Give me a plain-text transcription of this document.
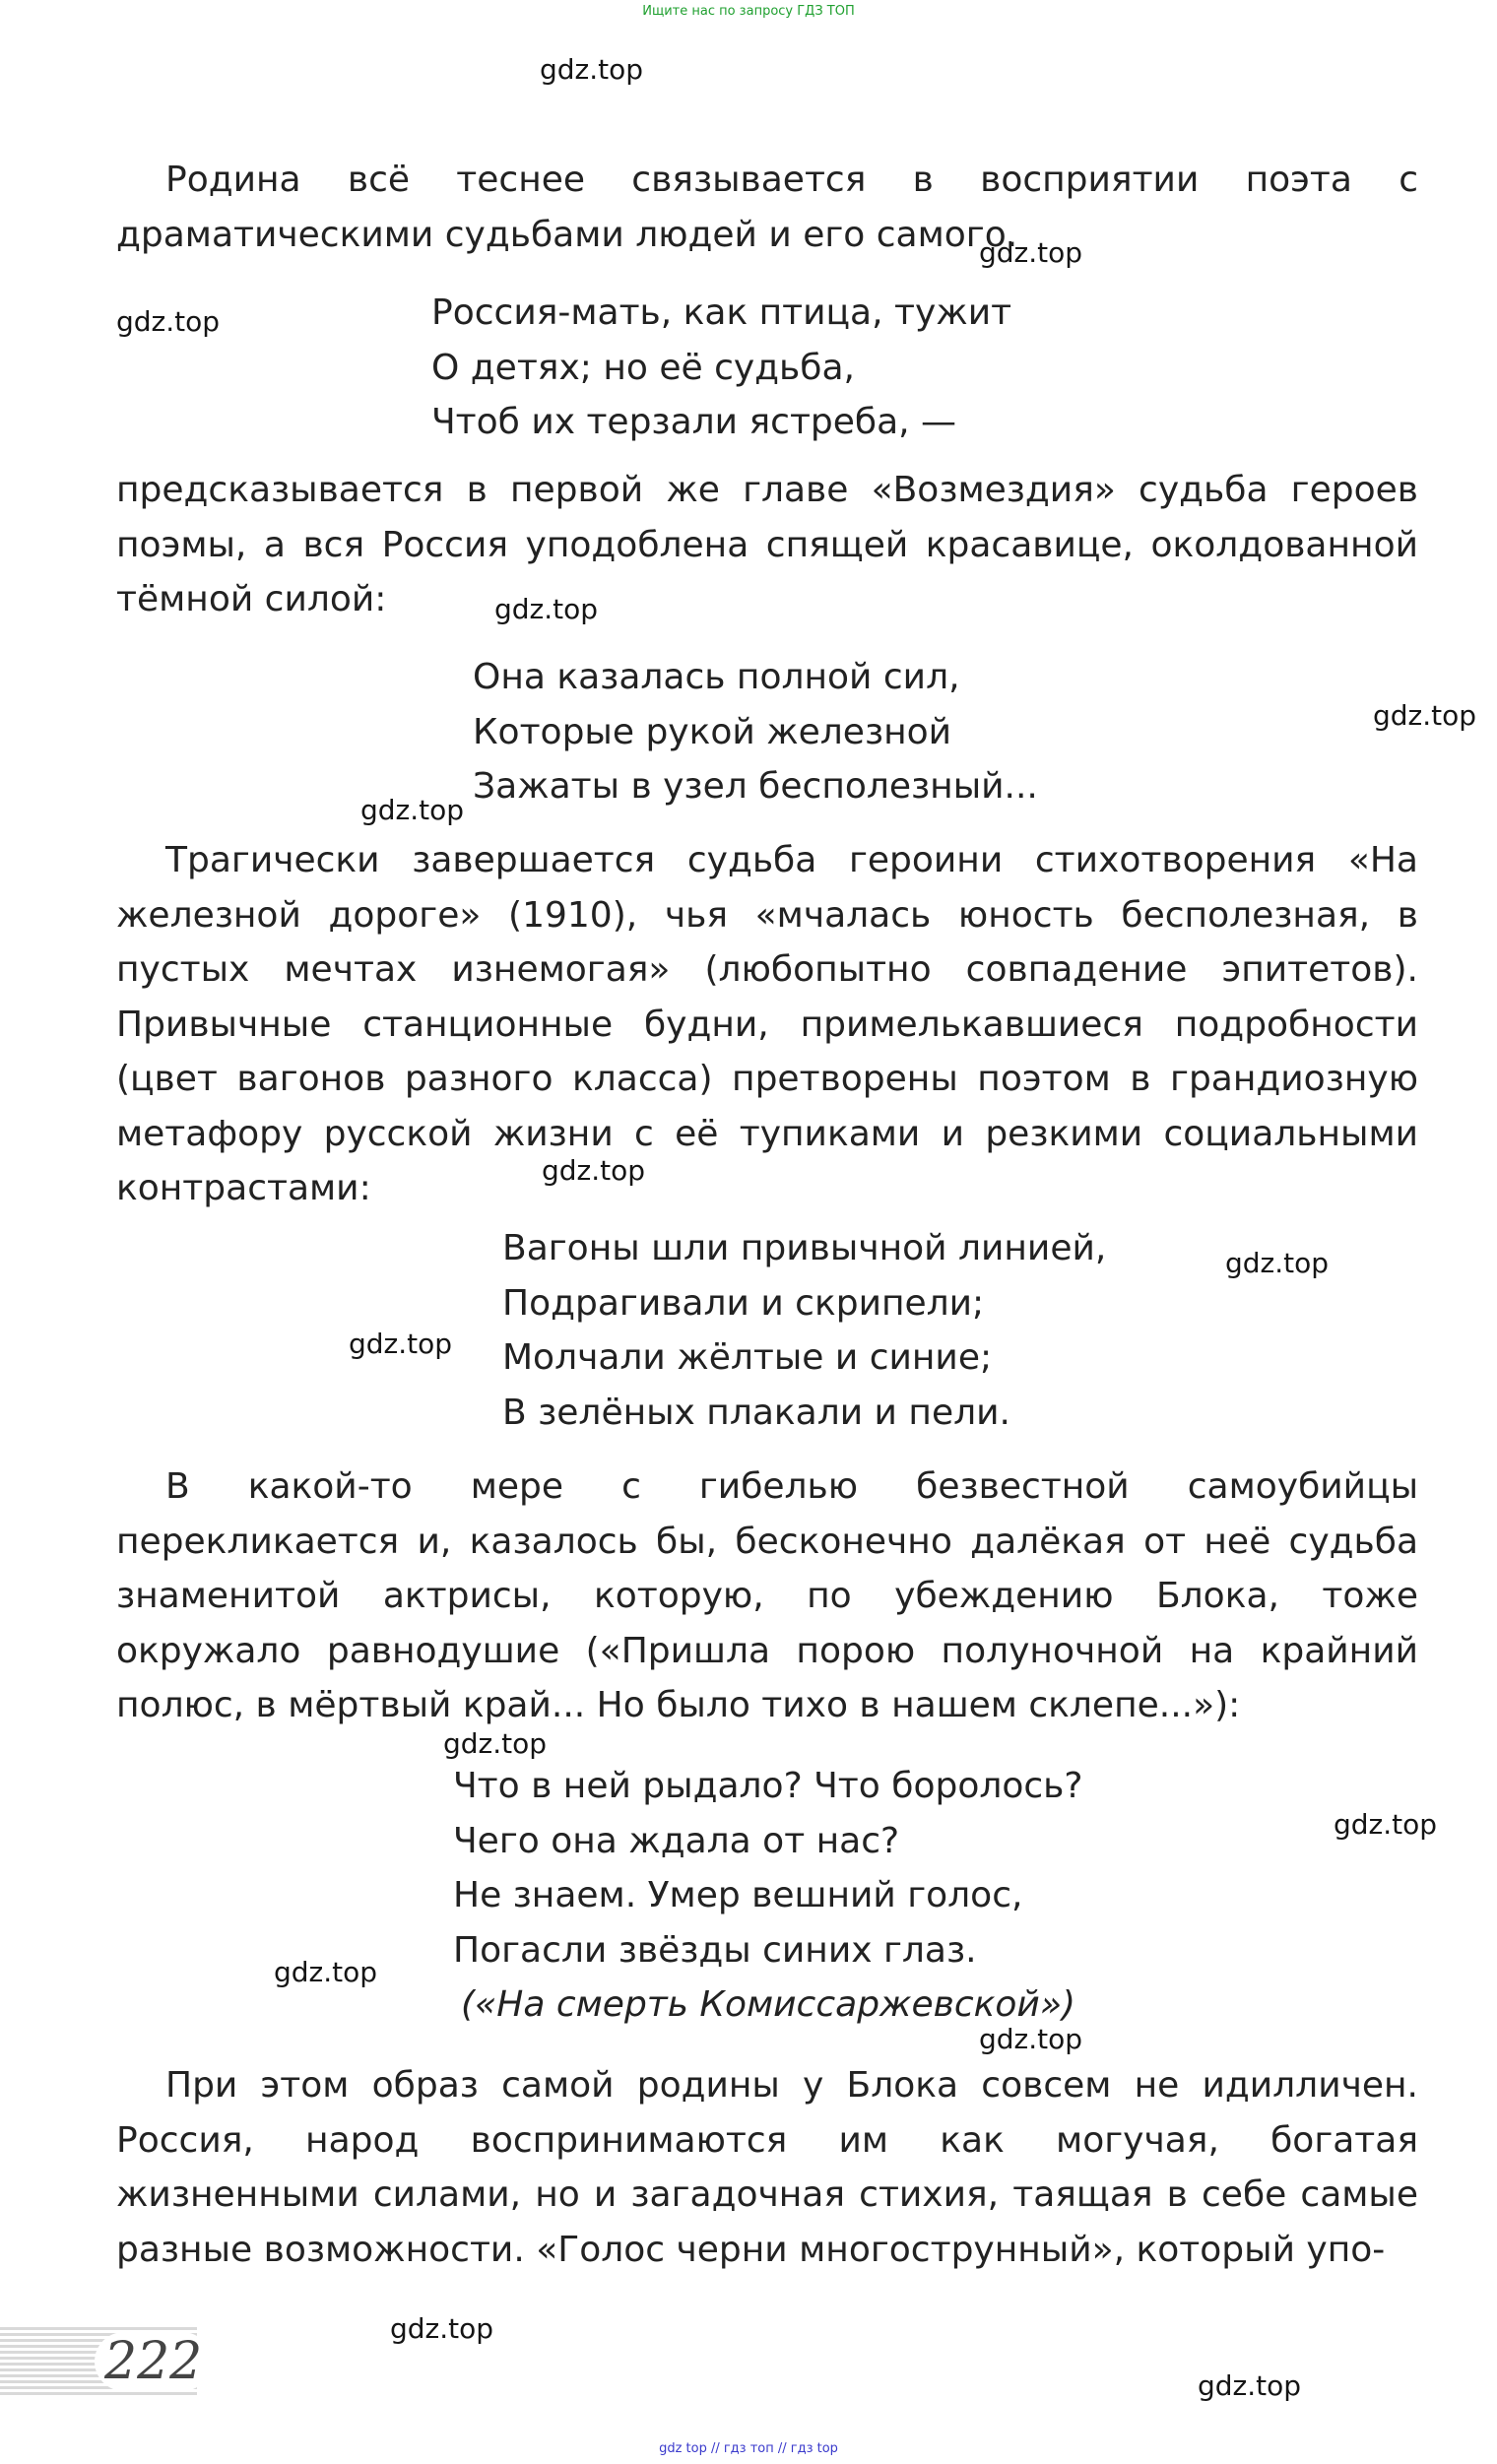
Ищите нас по запросу ГДЗ ТОП
gdz.top
gdz.top
gdz.top
gdz.top
gdz.top
gdz.top
gdz.top
gdz.top
gdz.top
gdz.top
gdz.top
gdz.top
gdz.top
gdz.top
gdz.top

Родина всё теснее связывается в восприятии поэта с драматическими судьбами людей и его самого.

Россия-мать, как птица, тужит
О детях; но её судьба,
Чтоб их терзали ястреба, —

предсказывается в первой же главе «Возмездия» судьба героев поэмы, а вся Россия уподоблена спящей красавице, околдованной тёмной силой:

Она казалась полной сил,
Которые рукой железной
Зажаты в узел бесполезный...

Трагически завершается судьба героини стихотворения «На железной дороге» (1910), чья «мчалась юность бесполезная, в пустых мечтах изнемогая» (любопытно совпадение эпитетов). Привычные станционные будни, примелькавшиеся подробности (цвет вагонов разного класса) претворены поэтом в грандиозную метафору русской жизни с её тупиками и резкими социальными контрастами:

Вагоны шли привычной линией,
Подрагивали и скрипели;
Молчали жёлтые и синие;
В зелёных плакали и пели.

В какой-то мере с гибелью безвестной самоубийцы перекликается и, казалось бы, бесконечно далёкая от неё судьба знаменитой актрисы, которую, по убеждению Блока, тоже окружало равнодушие («Пришла порою полуночной на крайний полюс, в мёртвый край... Но было тихо в нашем склепе...»):

Что в ней рыдало? Что боролось?
Чего она ждала от нас?
Не знаем. Умер вешний голос,
Погасли звёзды синих глаз.
(«На смерть Комиссаржевской»)

При этом образ самой родины у Блока совсем не идилличен. Россия, народ воспринимаются им как могучая, богатая жизненными силами, но и загадочная стихия, таящая в себе самые разные возможности. «Голос черни многострунный», который упо-

222
gdz top // гдз топ // гдз top
